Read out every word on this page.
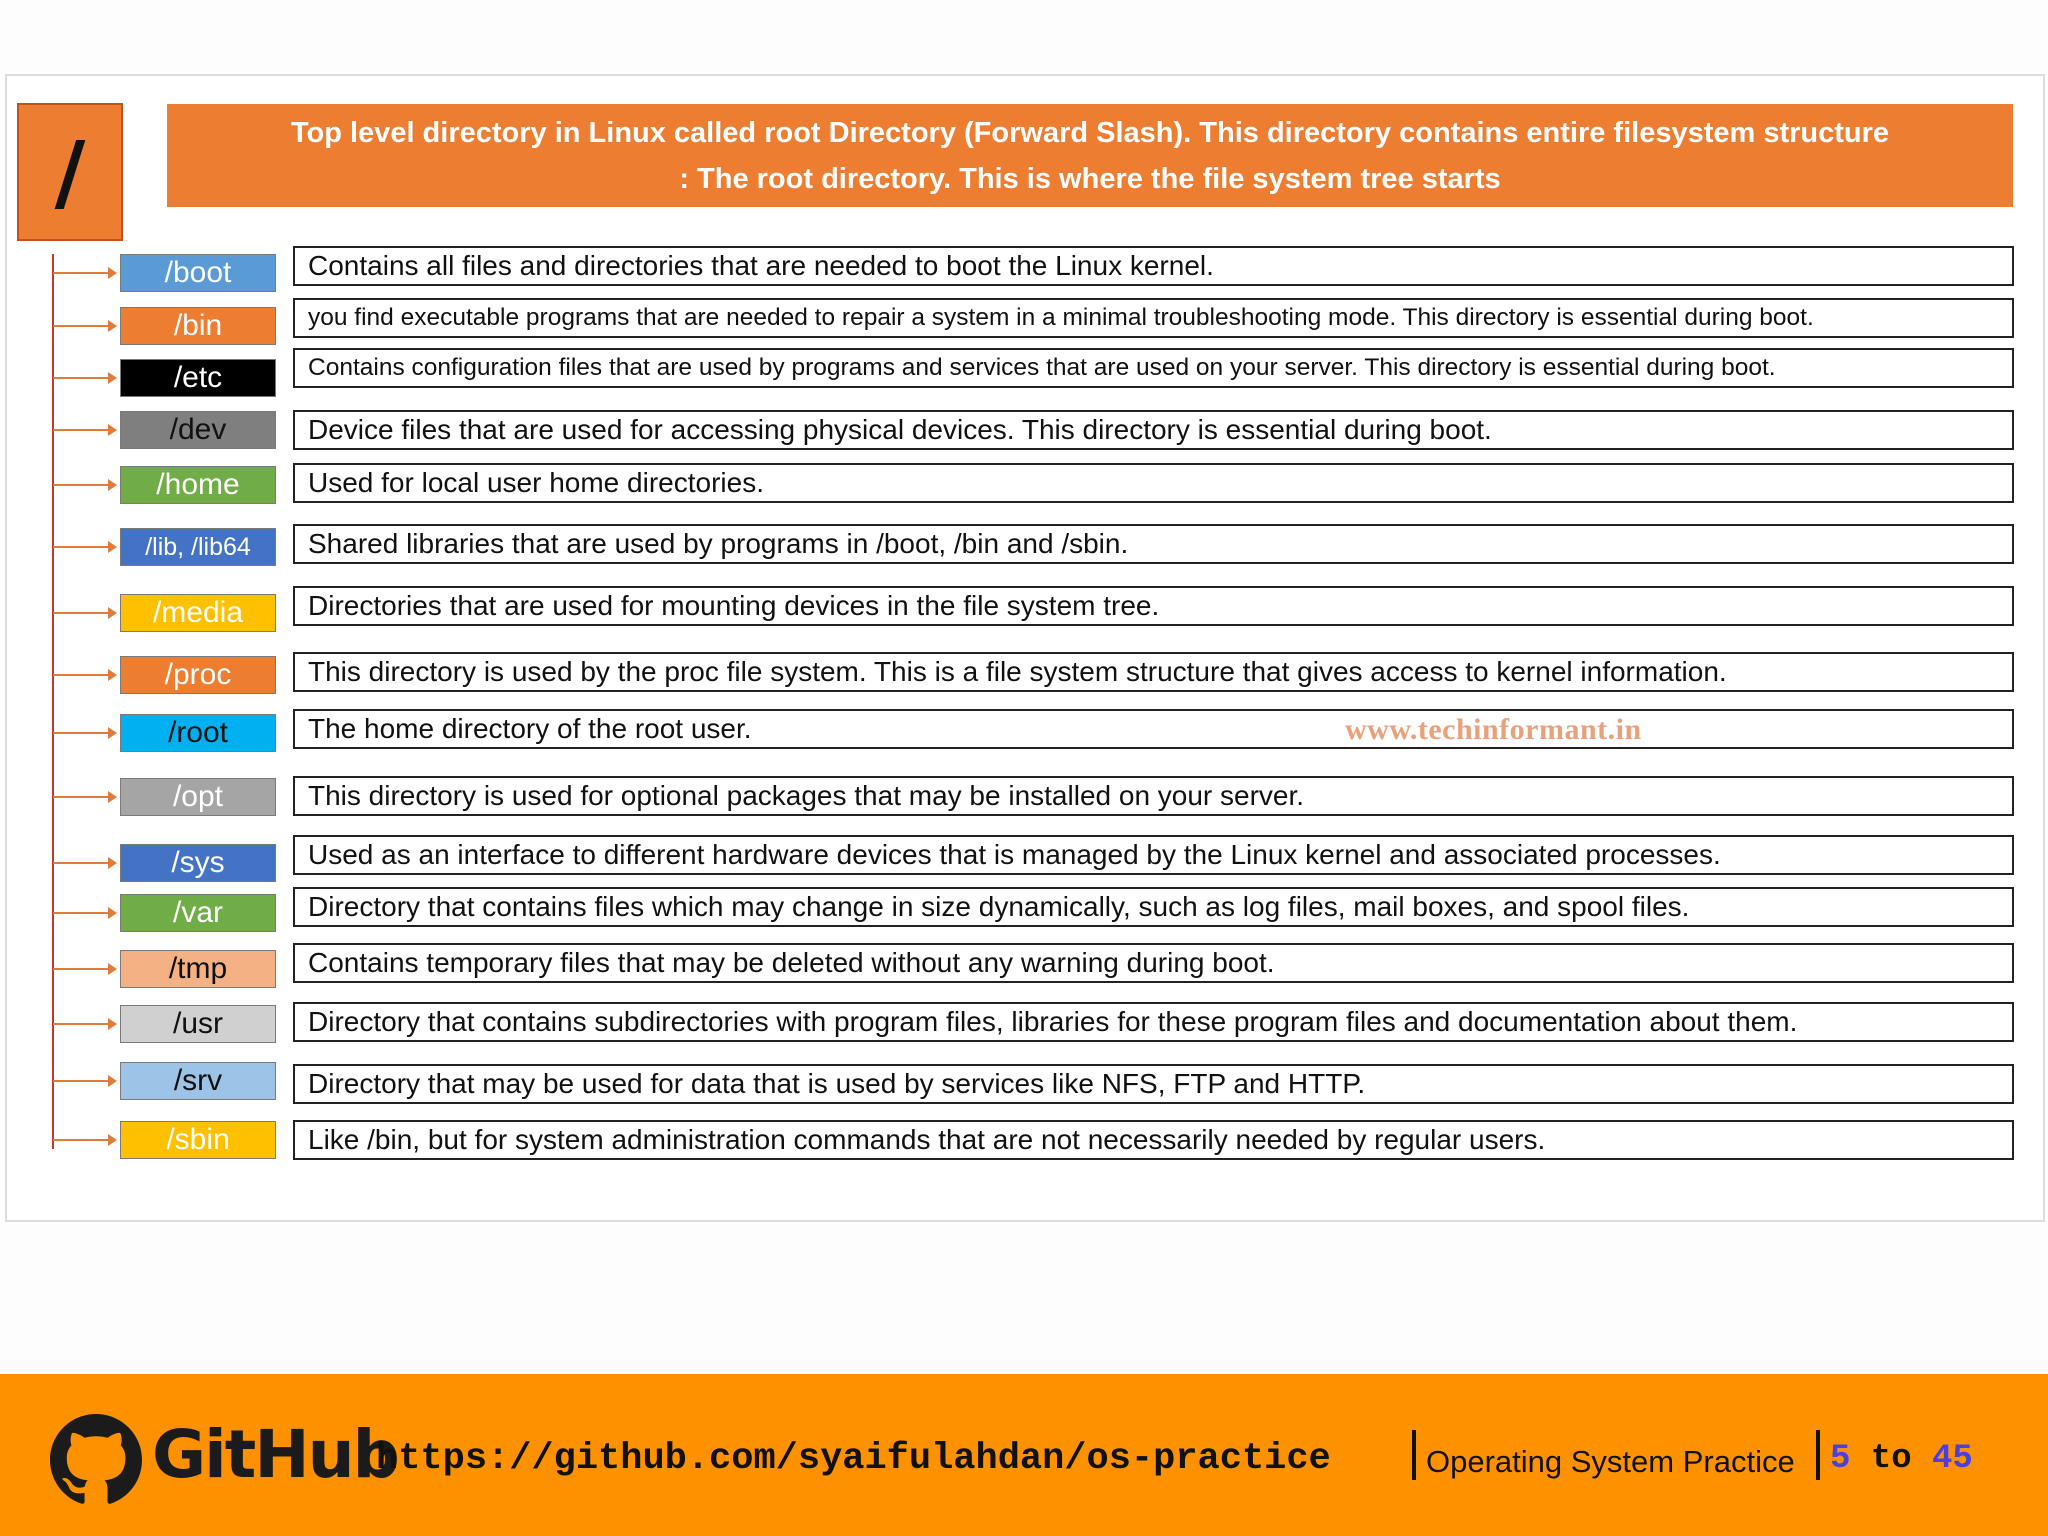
/	Top level directory in Linux called root Directory (Forward Slash). This directory contains entire filesystem structure
: The root directory. This is where the file system tree starts
/boot	Contains all files and directories that are needed to boot the Linux kernel.
/bin	you find executable programs that are needed to repair a system in a minimal troubleshooting mode. This directory is essential during boot.
/etc	Contains configuration files that are used by programs and services that are used on your server. This directory is essential during boot.
/dev	Device files that are used for accessing physical devices. This directory is essential during boot.
/home	Used for local user home directories.
/lib, /lib64	Shared libraries that are used by programs in /boot, /bin and /sbin.
/media	Directories that are used for mounting devices in the file system tree.
/proc	This directory is used by the proc file system. This is a file system structure that gives access to kernel information.
/root	The home directory of the root user.
/opt	This directory is used for optional packages that may be installed on your server.
/sys	Used as an interface to different hardware devices that is managed by the Linux kernel and associated processes.
/var	Directory that contains files which may change in size dynamically, such as log files, mail boxes, and spool files.
/tmp	Contains temporary files that may be deleted without any warning during boot.
/usr	Directory that contains subdirectories with program files, libraries for these program files and documentation about them.
/srv	Directory that may be used for data that is used by services like NFS, FTP and HTTP.
/sbin	Like /bin, but for system administration commands that are not necessarily needed by regular users.
www.techinformant.in
GitHub
https://github.com/syaifulahdan/os-practice	Operating System Practice 5 to 45
